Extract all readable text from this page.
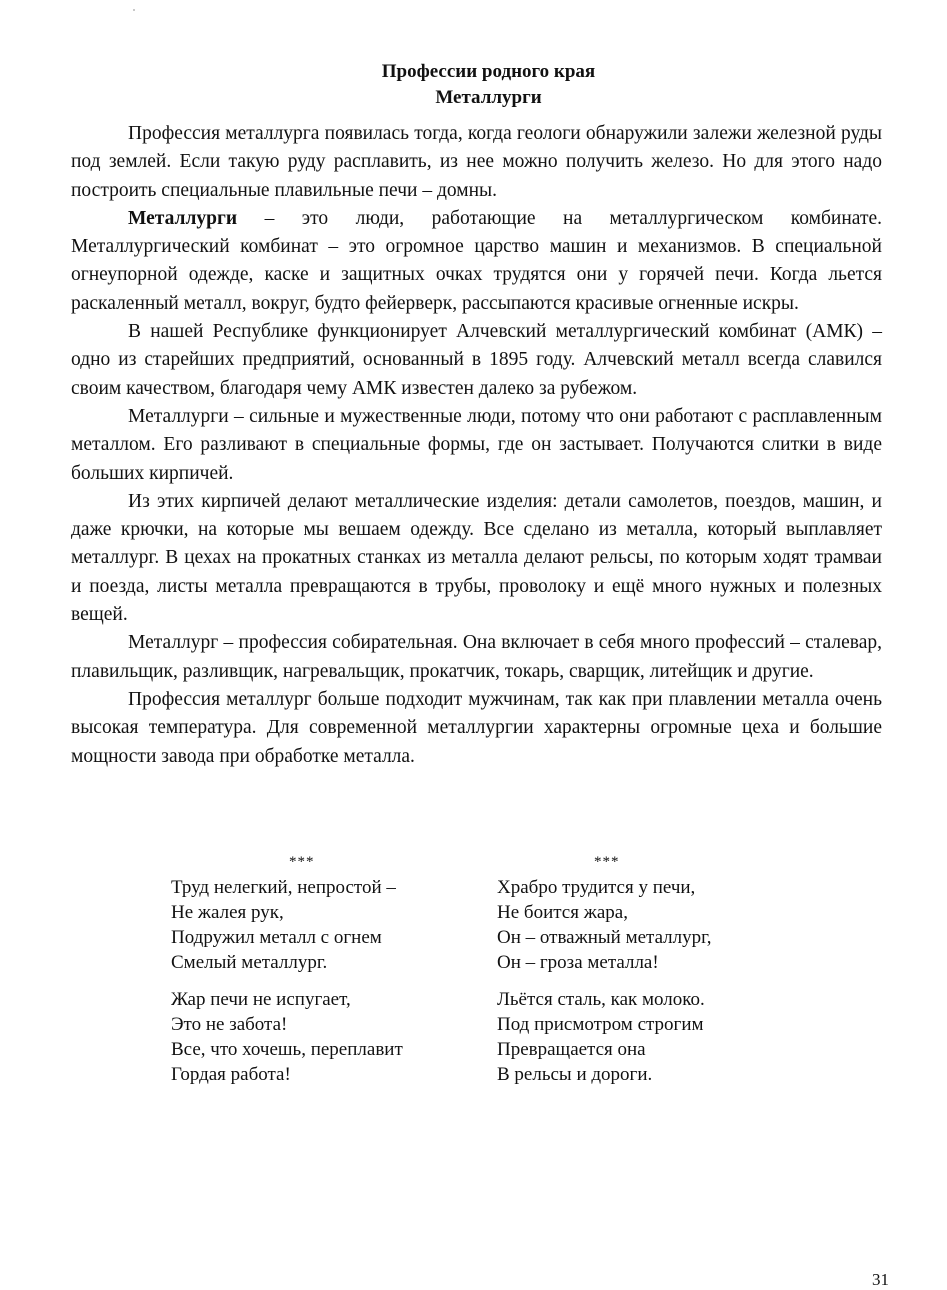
Профессии родного края
Металлурги

Профессия металлурга появилась тогда, когда геологи обнаружили залежи железной руды под землей. Если такую руду расплавить, из нее можно получить железо. Но для этого надо построить специальные плавильные печи – домны.

Металлурги – это люди, работающие на металлургическом комбинате. Металлургический комбинат – это огромное царство машин и механизмов. В специальной огнеупорной одежде, каске и защитных очках трудятся они у горячей печи. Когда льется раскаленный металл, вокруг, будто фейерверк, рассыпаются красивые огненные искры.

В нашей Республике функционирует Алчевский металлургический комбинат (АМК) – одно из старейших предприятий, основанный в 1895 году. Алчевский металл всегда славился своим качеством, благодаря чему АМК известен далеко за рубежом.

Металлурги – сильные и мужественные люди, потому что они работают с расплавленным металлом. Его разливают в специальные формы, где он застывает. Получаются слитки в виде больших кирпичей.

Из этих кирпичей делают металлические изделия: детали самолетов, поездов, машин, и даже крючки, на которые мы вешаем одежду. Все сделано из металла, который выплавляет металлург. В цехах на прокатных станках из металла делают рельсы, по которым ходят трамваи и поезда, листы металла превращаются в трубы, проволоку и ещё много нужных и полезных вещей.

Металлург – профессия собирательная. Она включает в себя много профессий – сталевар, плавильщик, разливщик, нагревальщик, прокатчик, токарь, сварщик, литейщик и другие.

Профессия металлург больше подходит мужчинам, так как при плавлении металла очень высокая температура. Для современной металлургии характерны огромные цеха и большие мощности завода при обработке металла.

***
Труд нелегкий, непростой –
Не жалея рук,
Подружил металл с огнем
Смелый металлург.
Жар печи не испугает,
Это не забота!
Все, что хочешь, переплавит
Гордая работа!
***
Храбро трудится у печи,
Не боится жара,
Он – отважный металлург,
Он – гроза металла!
Льётся сталь, как молоко.
Под присмотром строгим
Превращается она
В рельсы и дороги.
31
